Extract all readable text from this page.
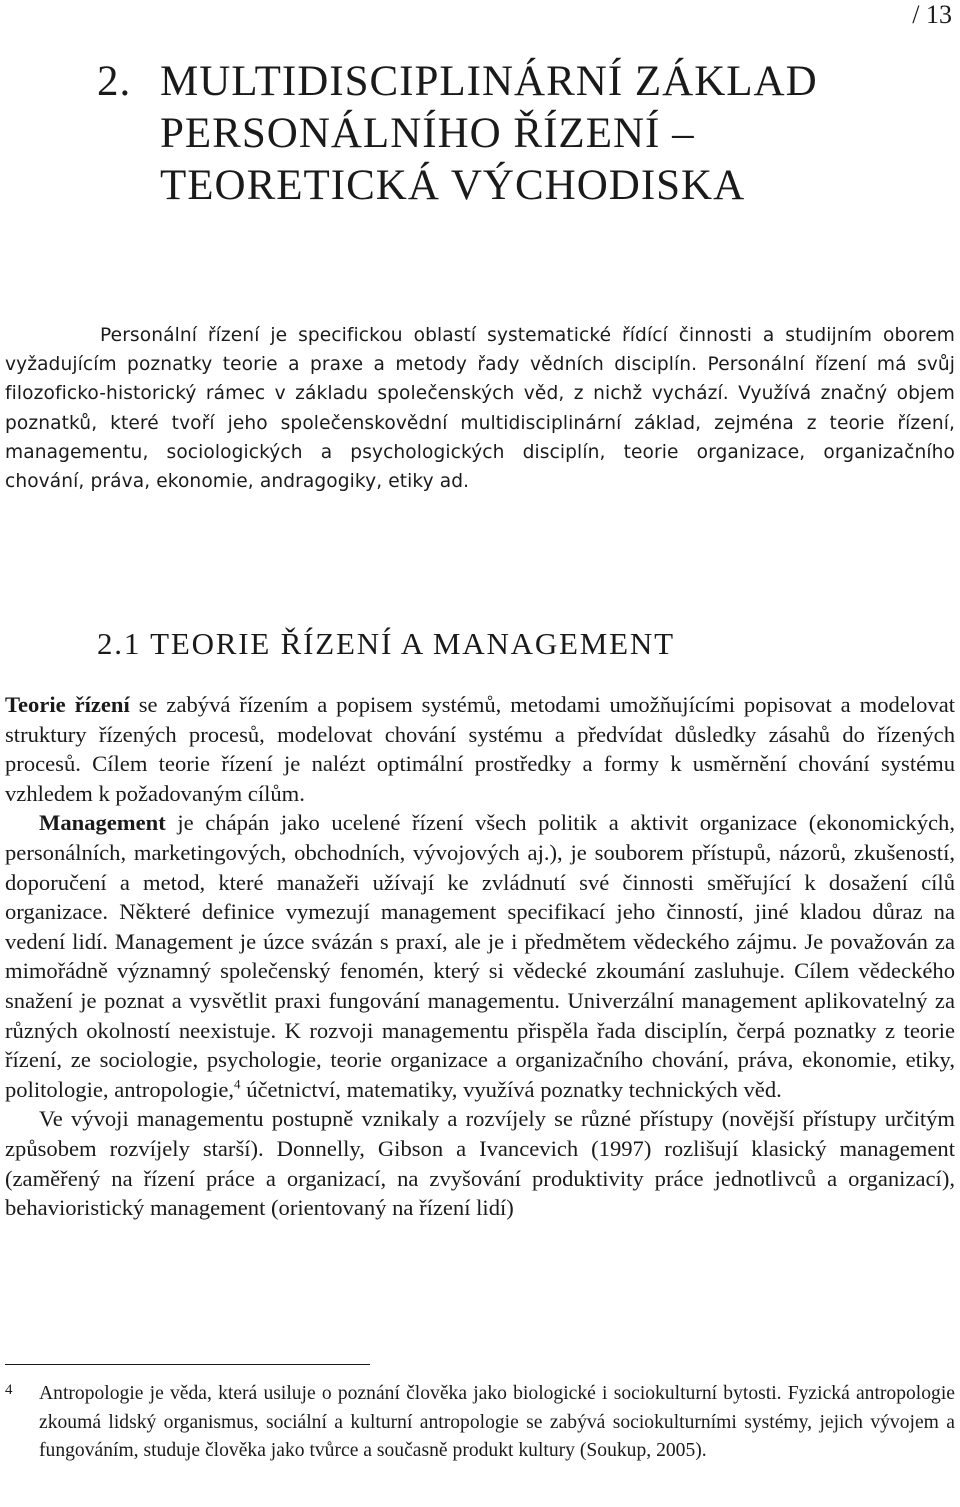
/ 13
2. MULTIDISCIPLINÁRNÍ ZÁKLAD
PERSONÁLNÍHO ŘÍZENÍ –
TEORETICKÁ VÝCHODISKA

Personální řízení je specifickou oblastí systematické řídící činnosti a studijním oborem vyžadujícím poznatky teorie a praxe a metody řady vědních disciplín. Personální řízení má svůj filozoficko-historický rámec v základu společenských věd, z nichž vychází. Využívá značný objem poznatků, které tvoří jeho společenskovědní multidisciplinární základ, zejména z teorie řízení, managementu, sociologických a psychologických disciplín, teorie organizace, organizačního chování, práva, ekonomie, andragogiky, etiky ad.

2.1 TEORIE ŘÍZENÍ A MANAGEMENT

Teorie řízení se zabývá řízením a popisem systémů, metodami umožňujícími popisovat a modelovat struktury řízených procesů, modelovat chování systému a předvídat důsledky zásahů do řízených procesů. Cílem teorie řízení je nalézt optimální prostředky a formy k usměrnění chování systému vzhledem k požadovaným cílům.

Management je chápán jako ucelené řízení všech politik a aktivit organizace (ekonomických, personálních, marketingových, obchodních, vývojových aj.), je souborem přístupů, názorů, zkušeností, doporučení a metod, které manažeři užívají ke zvládnutí své činnosti směřující k dosažení cílů organizace. Některé definice vymezují management specifikací jeho činností, jiné kladou důraz na vedení lidí. Management je úzce svázán s praxí, ale je i předmětem vědeckého zájmu. Je považován za mimořádně významný společenský fenomén, který si vědecké zkoumání zasluhuje. Cílem vědeckého snažení je poznat a vysvětlit praxi fungování managementu. Univerzální management aplikovatelný za různých okolností neexistuje. K rozvoji managementu přispěla řada disciplín, čerpá poznatky z teorie řízení, ze sociologie, psychologie, teorie organizace a organizačního chování, práva, ekonomie, etiky, politologie, antropologie,$^4$ účetnictví, matematiky, využívá poznatky technických věd.

Ve vývoji managementu postupně vznikaly a rozvíjely se různé přístupy (novější přístupy určitým způsobem rozvíjely starší). Donnelly, Gibson a Ivancevich (1997) rozlišují klasický management (zaměřený na řízení práce a organizací, na zvyšování produktivity práce jednotlivců a organizací), behavioristický management (orientovaný na řízení lidí)

4 Antropologie je věda, která usiluje o poznání člověka jako biologické i sociokulturní bytosti. Fyzická antropologie zkoumá lidský organismus, sociální a kulturní antropologie se zabývá sociokulturními systémy, jejich vývojem a fungováním, studuje člověka jako tvůrce a současně produkt kultury (Soukup, 2005).
